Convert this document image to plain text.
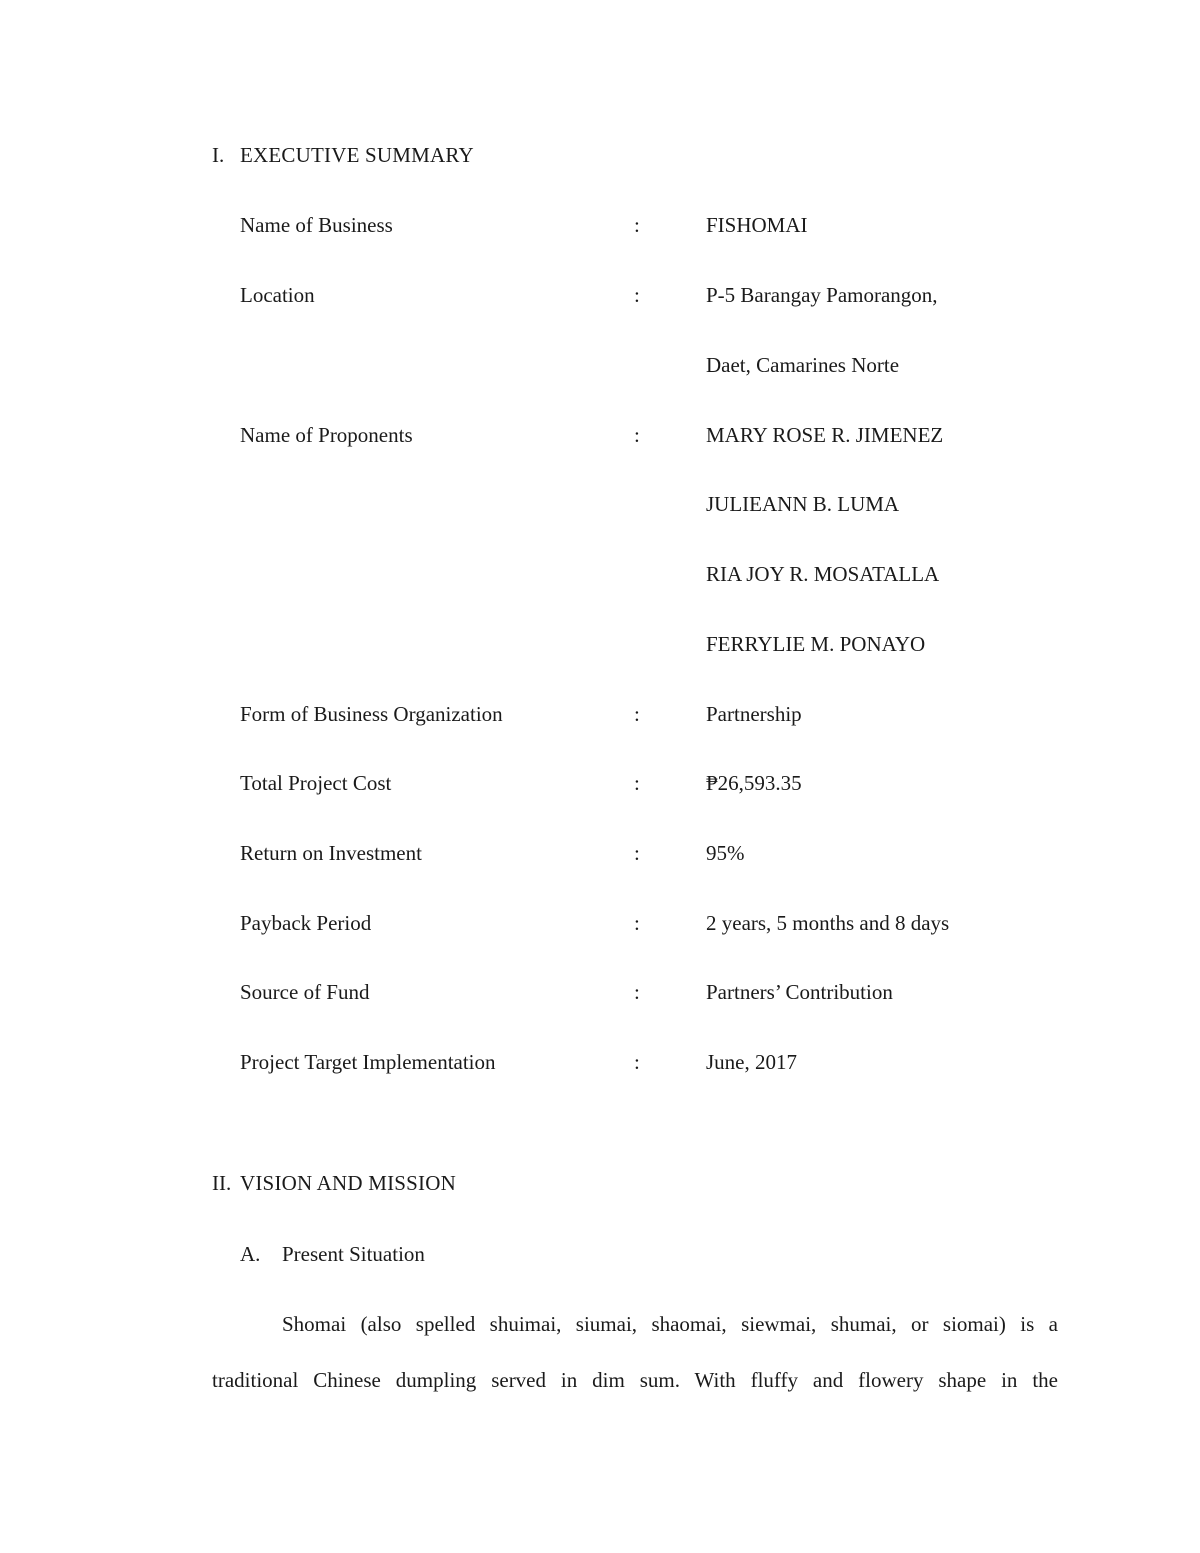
I. EXECUTIVE SUMMARY
Name of Business	:	FISHOMAI
Location	:	P-5 Barangay Pamorangon,
Daet, Camarines Norte
Name of Proponents	:	MARY ROSE R. JIMENEZ
JULIEANN B. LUMA
RIA JOY R. MOSATALLA
FERRYLIE M. PONAYO
Form of Business Organization	:	Partnership
Total Project Cost	:	₱26,593.35
Return on Investment	:	95%
Payback Period	:	2 years, 5 months and 8 days
Source of Fund	:	Partners’ Contribution
Project Target Implementation	:	June, 2017
II. VISION AND MISSION
A. Present Situation
Shomai (also spelled shuimai, siumai, shaomai, siewmai, shumai, or siomai) is a
traditional Chinese dumpling served in dim sum. With fluffy and flowery shape in the
